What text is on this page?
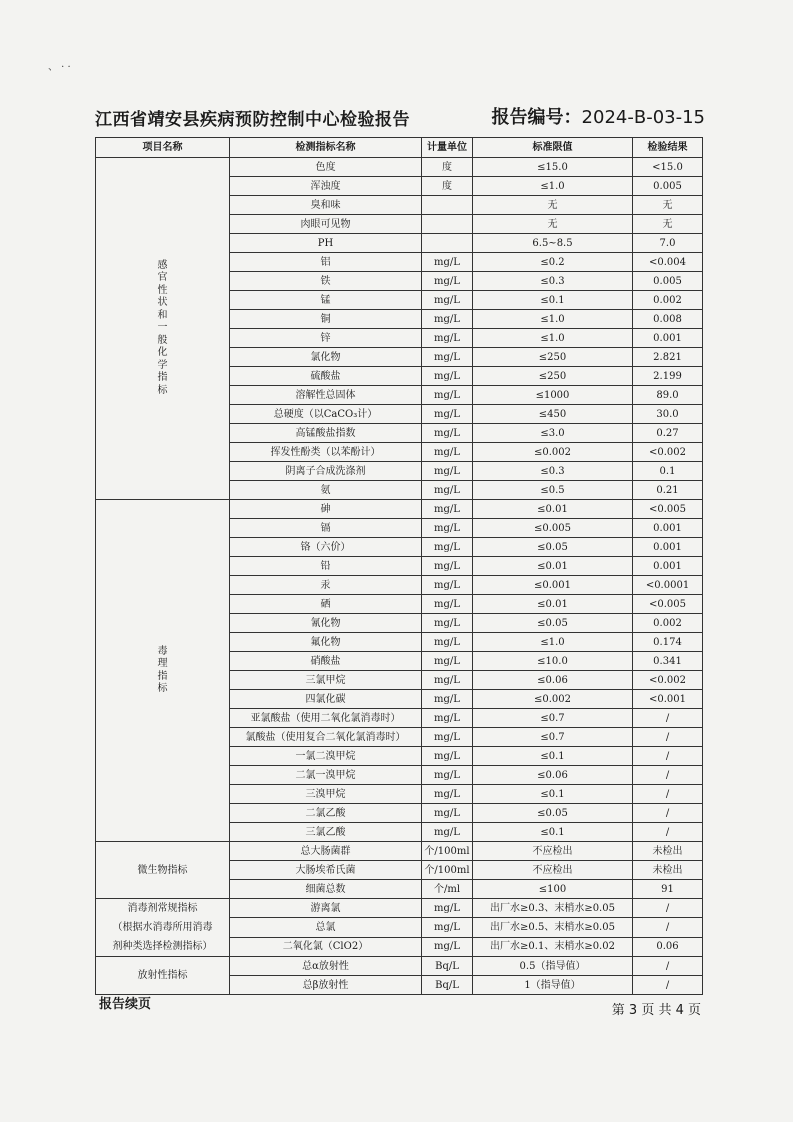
、 · ·
江西省靖安县疾病预防控制中心检验报告	报告编号：2024-B-03-15
项目名称	检测指标名称	计量单位	标准限值	检验结果
感官性状和一般化学指标	色度	度	≤15.0	<15.0
	浑浊度	度	≤1.0	0.005
	臭和味		无	无
	肉眼可见物		无	无
	PH		6.5~8.5	7.0
	铝	mg/L	≤0.2	<0.004
	铁	mg/L	≤0.3	0.005
	锰	mg/L	≤0.1	0.002
	铜	mg/L	≤1.0	0.008
	锌	mg/L	≤1.0	0.001
	氯化物	mg/L	≤250	2.821
	硫酸盐	mg/L	≤250	2.199
	溶解性总固体	mg/L	≤1000	89.0
	总硬度（以CaCO₃计）	mg/L	≤450	30.0
	高锰酸盐指数	mg/L	≤3.0	0.27
	挥发性酚类（以苯酚计）	mg/L	≤0.002	<0.002
	阴离子合成洗涤剂	mg/L	≤0.3	0.1
	氨	mg/L	≤0.5	0.21
毒理指标	砷	mg/L	≤0.01	<0.005
	镉	mg/L	≤0.005	0.001
	铬（六价）	mg/L	≤0.05	0.001
	铅	mg/L	≤0.01	0.001
	汞	mg/L	≤0.001	<0.0001
	硒	mg/L	≤0.01	<0.005
	氰化物	mg/L	≤0.05	0.002
	氟化物	mg/L	≤1.0	0.174
	硝酸盐	mg/L	≤10.0	0.341
	三氯甲烷	mg/L	≤0.06	<0.002
	四氯化碳	mg/L	≤0.002	<0.001
	亚氯酸盐（使用二氧化氯消毒时）	mg/L	≤0.7	/
	氯酸盐（使用复合二氧化氯消毒时）	mg/L	≤0.7	/
	一氯二溴甲烷	mg/L	≤0.1	/
	二氯一溴甲烷	mg/L	≤0.06	/
	三溴甲烷	mg/L	≤0.1	/
	二氯乙酸	mg/L	≤0.05	/
	三氯乙酸	mg/L	≤0.1	/
微生物指标	总大肠菌群	个/100ml	不应检出	未检出
	大肠埃希氏菌	个/100ml	不应检出	未检出
	细菌总数	个/ml	≤100	91

消毒剂常规指标
（根据水消毒所用消毒
剂种类选择检测指标）	游离氯	mg/L	出厂水≥0.3、末梢水≥0.05	/
	总氯	mg/L	出厂水≥0.5、末梢水≥0.05	/
	二氧化氯（ClO2）	mg/L	出厂水≥0.1、末梢水≥0.02	0.06
放射性指标	总α放射性	Bq/L	0.5（指导值）	/
	总β放射性	Bq/L	1（指导值）	/
报告续页	第 3 页 共 4 页
